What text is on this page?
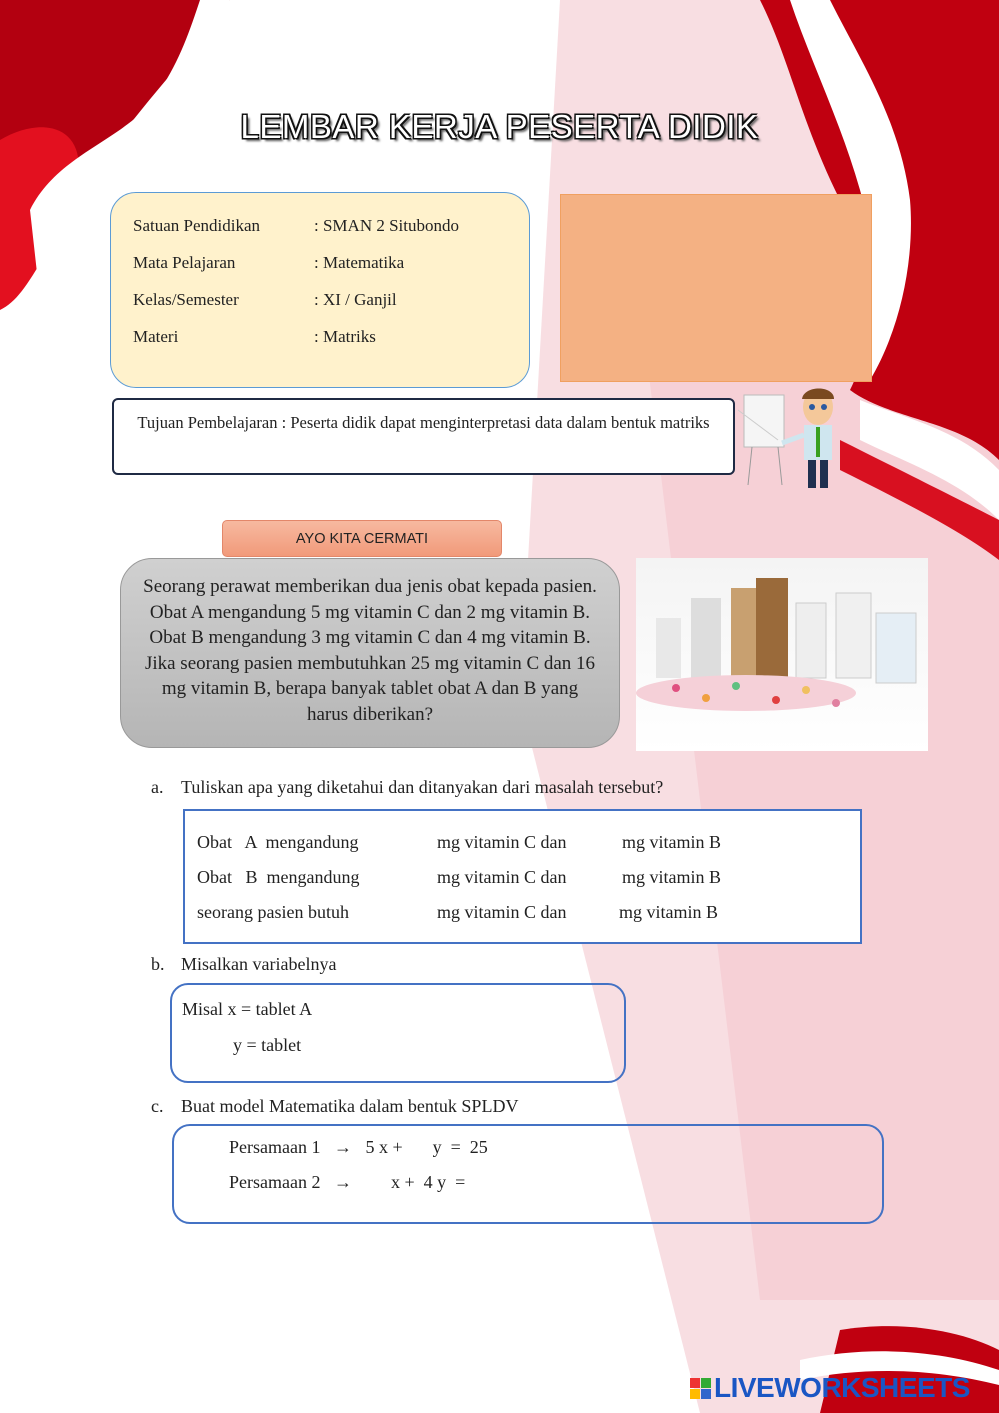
LEMBAR KERJA PESERTA DIDIK
Satuan Pendidikan	: SMAN 2 Situbondo
Mata Pelajaran	: Matematika
Kelas/Semester	: XI / Ganjil
Materi	: Matriks
Tujuan Pembelajaran : Peserta didik dapat menginterpretasi data dalam bentuk matriks
AYO KITA CERMATI
Seorang perawat memberikan dua jenis obat kepada pasien. Obat A mengandung 5 mg vitamin C dan 2 mg vitamin B. Obat B mengandung 3 mg vitamin C dan 4 mg vitamin B. Jika seorang pasien membutuhkan 25 mg vitamin C dan 16 mg vitamin B, berapa banyak tablet obat A dan B yang harus diberikan?
a. Tuliskan apa yang diketahui dan ditanyakan dari masalah tersebut?
Obat   A  mengandung	mg vitamin C dan	mg vitamin B
Obat   B  mengandung	mg vitamin C dan	mg vitamin B
seorang pasien butuh	mg vitamin C dan	mg vitamin B
b. Misalkan variabelnya
Misal x = tablet A
y = tablet
c. Buat model Matematika dalam bentuk SPLDV
Persamaan 1 → 5 x + y  =  25
Persamaan 2 → x + 4 y  =
LIVEWORKSHEETS
